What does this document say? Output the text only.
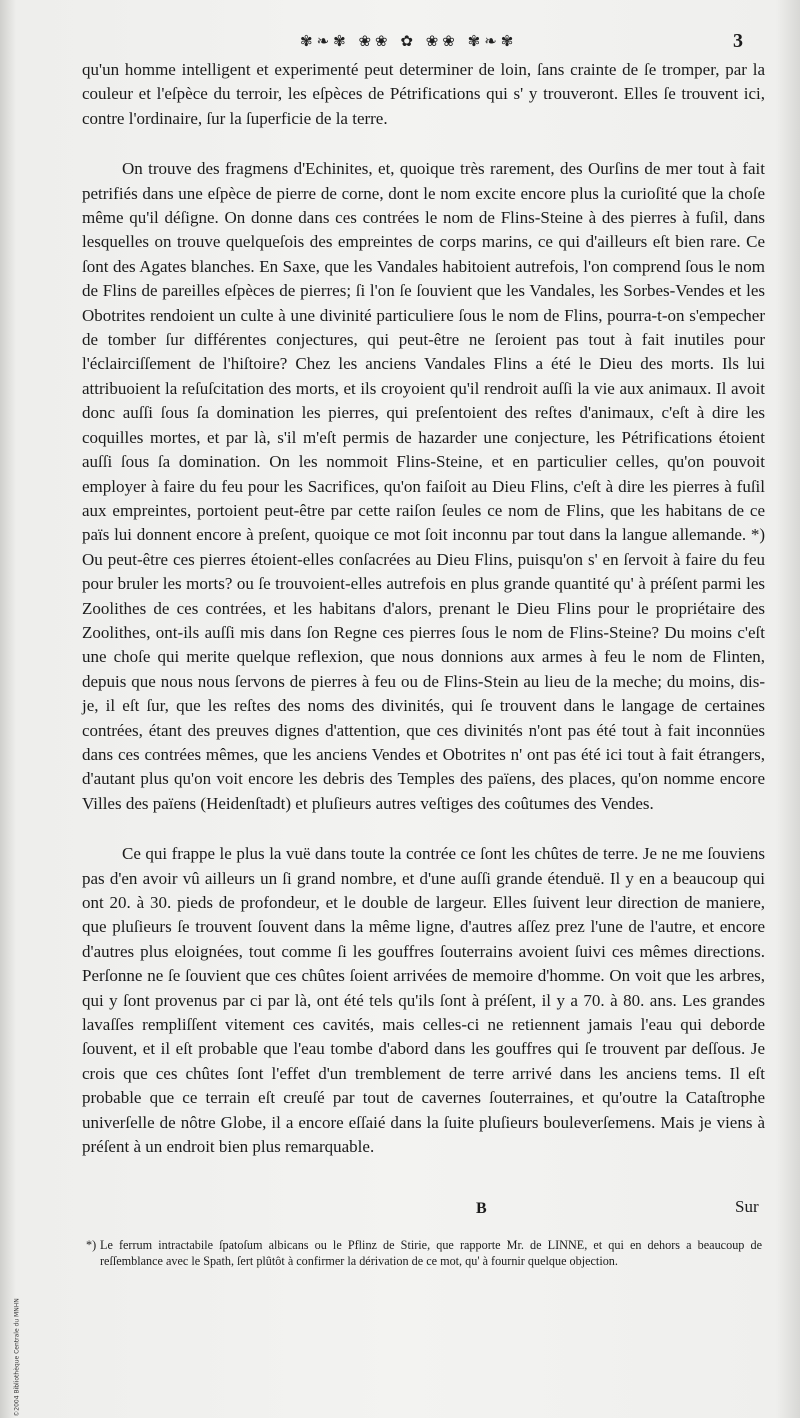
✾❧✾ ❀❀ ✿ ❀❀ ✾❧✾	3

qu'un homme intelligent et experimenté peut determiner de loin, ſans crainte de ſe tromper, par la couleur et l'eſpèce du terroir, les eſpèces de Pétrifications qui s' y trouveront. Elles ſe trouvent ici, contre l'ordinaire, ſur la ſuperficie de la terre.

On trouve des fragmens d'Echinites, et, quoique très rarement, des Ourſins de mer tout à fait petrifiés dans une eſpèce de pierre de corne, dont le nom excite encore plus la curioſité que la choſe même qu'il déſigne. On donne dans ces contrées le nom de Flins-Steine à des pierres à fuſil, dans lesquelles on trouve quelqueſois des empreintes de corps marins, ce qui d'ailleurs eſt bien rare. Ce ſont des Agates blanches. En Saxe, que les Vandales habitoient autrefois, l'on comprend ſous le nom de Flins de pareilles eſpèces de pierres; ſi l'on ſe ſouvient que les Vandales, les Sorbes-Vendes et les Obotrites rendoient un culte à une divinité particuliere ſous le nom de Flins, pourra-t-on s'empecher de tomber ſur différentes conjectures, qui peut-être ne ſeroient pas tout à fait inutiles pour l'éclairciſſement de l'hiſtoire? Chez les anciens Vandales Flins a été le Dieu des morts. Ils lui attribuoient la reſuſcitation des morts, et ils croyoient qu'il rendroit auſſi la vie aux animaux. Il avoit donc auſſi ſous ſa domination les pierres, qui preſentoient des reſtes d'animaux, c'eſt à dire les coquilles mortes, et par là, s'il m'eſt permis de hazarder une conjecture, les Pétrifications étoient auſſi ſous ſa domination. On les nommoit Flins-Steine, et en particulier celles, qu'on pouvoit employer à faire du feu pour les Sacrifices, qu'on faiſoit au Dieu Flins, c'eſt à dire les pierres à fuſil aux empreintes, portoient peut-être par cette raiſon ſeules ce nom de Flins, que les habitans de ce païs lui donnent encore à preſent, quoique ce mot ſoit inconnu par tout dans la langue allemande. *) Ou peut-être ces pierres étoient-elles conſacrées au Dieu Flins, puisqu'on s' en ſervoit à faire du feu pour bruler les morts? ou ſe trouvoient-elles autrefois en plus grande quantité qu' à préſent parmi les Zoolithes de ces contrées, et les habitans d'alors, prenant le Dieu Flins pour le propriétaire des Zoolithes, ont-ils auſſi mis dans ſon Regne ces pierres ſous le nom de Flins-Steine? Du moins c'eſt une choſe qui merite quelque reflexion, que nous donnions aux armes à feu le nom de Flinten, depuis que nous nous ſervons de pierres à feu ou de Flins-Stein au lieu de la meche; du moins, dis-je, il eſt ſur, que les reſtes des noms des divinités, qui ſe trouvent dans le langage de certaines contrées, étant des preuves dignes d'attention, que ces divinités n'ont pas été tout à fait inconnües dans ces contrées mêmes, que les anciens Vendes et Obotrites n' ont pas été ici tout à fait étrangers, d'autant plus qu'on voit encore les debris des Temples des païens, des places, qu'on nomme encore Villes des païens (Heidenſtadt) et pluſieurs autres veſtiges des coûtumes des Vendes.

Ce qui frappe le plus la vuë dans toute la contrée ce ſont les chûtes de terre. Je ne me ſouviens pas d'en avoir vû ailleurs un ſi grand nombre, et d'une auſſi grande étenduë. Il y en a beaucoup qui ont 20. à 30. pieds de profondeur, et le double de largeur. Elles ſuivent leur direction de maniere, que pluſieurs ſe trouvent ſouvent dans la même ligne, d'autres aſſez prez l'une de l'autre, et encore d'autres plus eloignées, tout comme ſi les gouffres ſouterrains avoient ſuivi ces mêmes directions. Perſonne ne ſe ſouvient que ces chûtes ſoient arrivées de memoire d'homme. On voit que les arbres, qui y ſont provenus par ci par là, ont été tels qu'ils ſont à préſent, il y a 70. à 80. ans. Les grandes lavaſſes rempliſſent vitement ces cavités, mais celles-ci ne retiennent jamais l'eau qui deborde ſouvent, et il eſt probable que l'eau tombe d'abord dans les gouffres qui ſe trouvent par deſſous. Je crois que ces chûtes ſont l'effet d'un tremblement de terre arrivé dans les anciens tems. Il eſt probable que ce terrain eſt creuſé par tout de cavernes ſouterraines, et qu'outre la Cataſtrophe univerſelle de nôtre Globe, il a encore eſſaié dans la ſuite pluſieurs bouleverſemens. Mais je viens à préſent à un endroit bien plus remarquable.

B	Sur
*) Le ferrum intractabile ſpatoſum albicans ou le Pflinz de Stirie, que rapporte Mr. de LINNE, et qui en dehors a beaucoup de reſſemblance avec le Spath, ſert plûtôt à confirmer la dérivation de ce mot, qu' à fournir quelque objection.
©2004 Bibliothèque Centrale du MNHN
